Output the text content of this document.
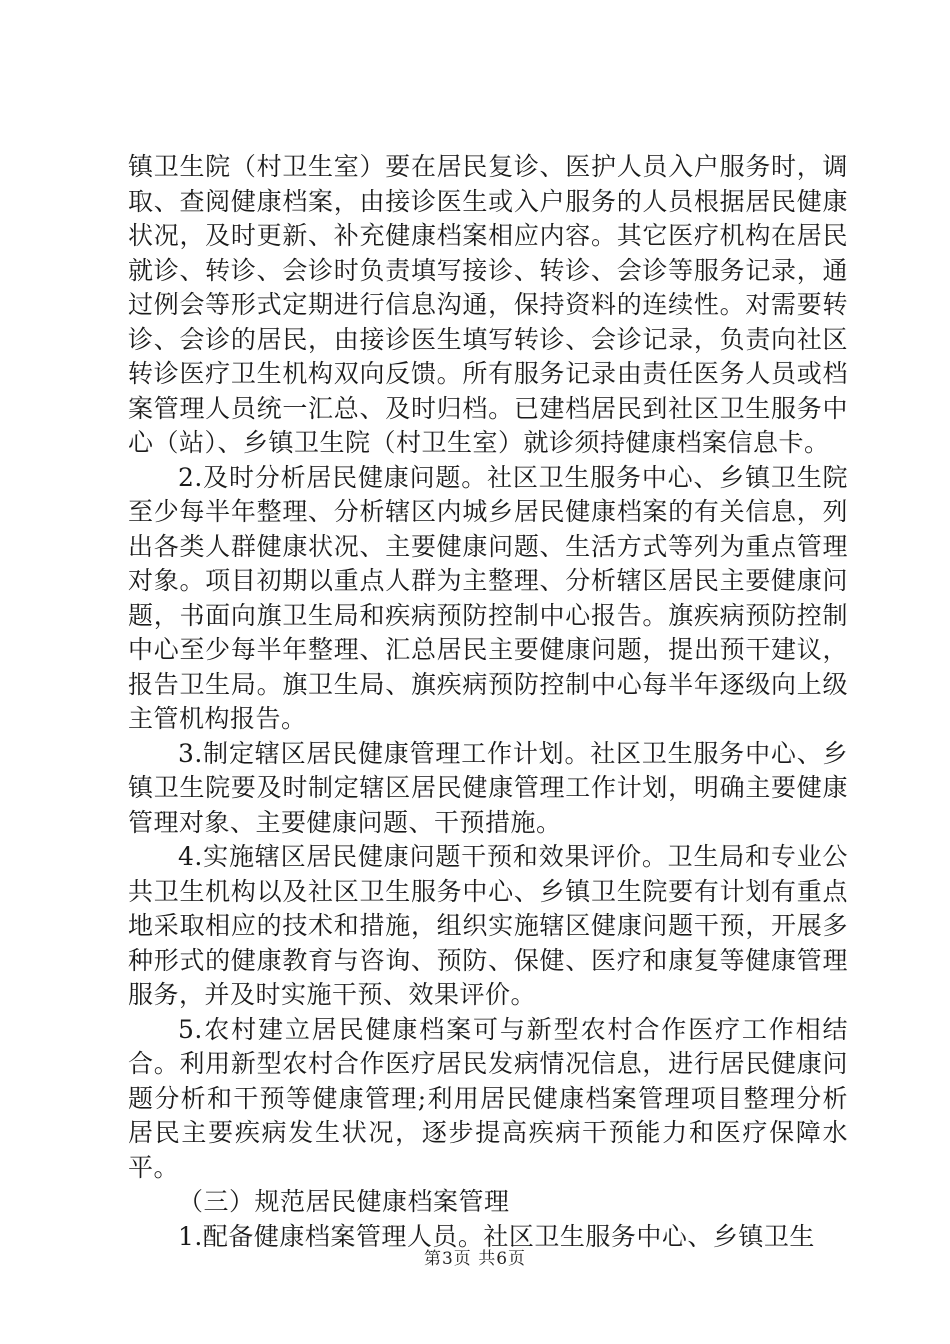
镇卫生院（村卫生室）要在居民复诊、医护人员入户服务时，调取、查阅健康档案，由接诊医生或入户服务的人员根据居民健康状况，及时更新、补充健康档案相应内容。其它医疗机构在居民就诊、转诊、会诊时负责填写接诊、转诊、会诊等服务记录，通过例会等形式定期进行信息沟通，保持资料的连续性。对需要转诊、会诊的居民，由接诊医生填写转诊、会诊记录，负责向社区转诊医疗卫生机构双向反馈。所有服务记录由责任医务人员或档案管理人员统一汇总、及时归档。已建档居民到社区卫生服务中心（站）、乡镇卫生院（村卫生室）就诊须持健康档案信息卡。

2.及时分析居民健康问题。社区卫生服务中心、乡镇卫生院至少每半年整理、分析辖区内城乡居民健康档案的有关信息，列出各类人群健康状况、主要健康问题、生活方式等列为重点管理对象。项目初期以重点人群为主整理、分析辖区居民主要健康问题，书面向旗卫生局和疾病预防控制中心报告。旗疾病预防控制中心至少每半年整理、汇总居民主要健康问题，提出预干建议，报告卫生局。旗卫生局、旗疾病预防控制中心每半年逐级向上级主管机构报告。

3.制定辖区居民健康管理工作计划。社区卫生服务中心、乡镇卫生院要及时制定辖区居民健康管理工作计划，明确主要健康管理对象、主要健康问题、干预措施。

4.实施辖区居民健康问题干预和效果评价。卫生局和专业公共卫生机构以及社区卫生服务中心、乡镇卫生院要有计划有重点地采取相应的技术和措施，组织实施辖区健康问题干预，开展多种形式的健康教育与咨询、预防、保健、医疗和康复等健康管理服务，并及时实施干预、效果评价。

5.农村建立居民健康档案可与新型农村合作医疗工作相结合。利用新型农村合作医疗居民发病情况信息，进行居民健康问题分析和干预等健康管理;利用居民健康档案管理项目整理分析居民主要疾病发生状况，逐步提高疾病干预能力和医疗保障水平。

（三）规范居民健康档案管理

1.配备健康档案管理人员。社区卫生服务中心、乡镇卫生

第3页 共6页
